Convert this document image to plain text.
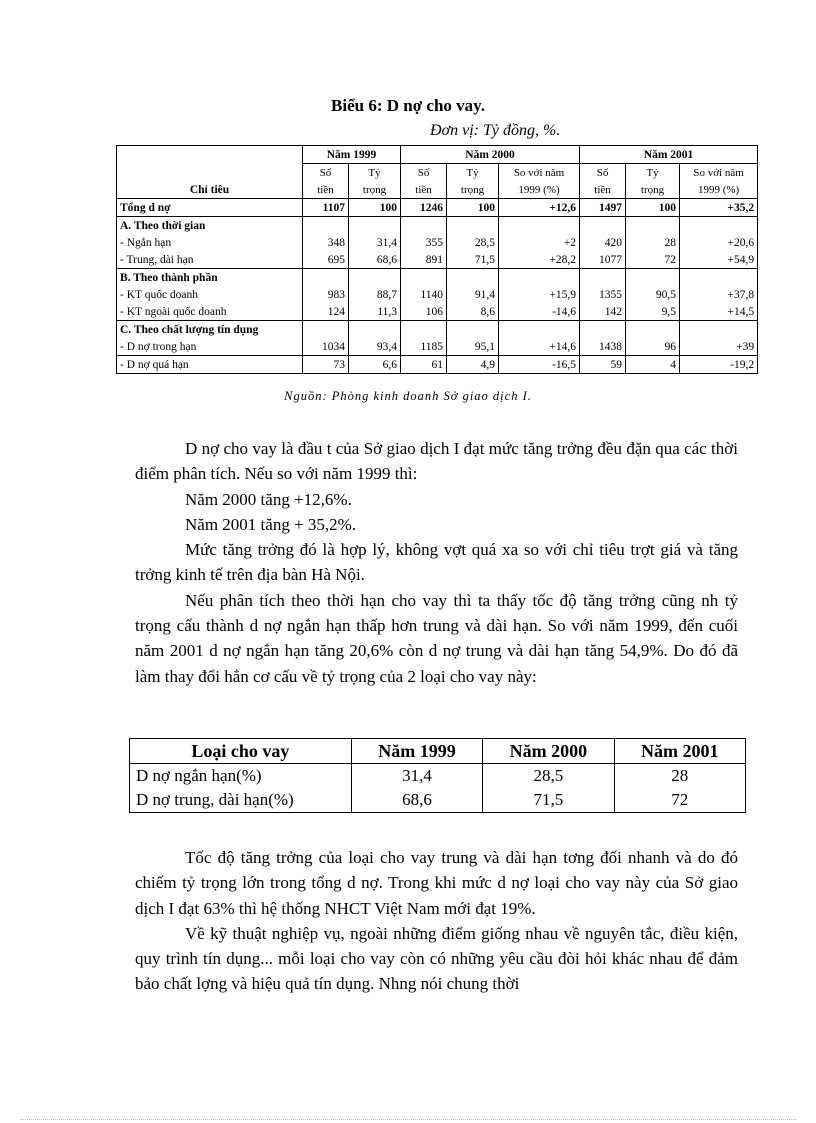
Biểu 6: D nợ cho vay.
Đơn vị: Tỷ đồng, %.
Chỉ tiêu	Năm 1999		Năm 2000			Năm 2001		
	Số	Tỷ	Số	Tỷ	So với năm	Số	Tỷ	So với năm
	tiền	trọng	tiền	trọng	1999 (%)	tiền	trọng	1999 (%)
Tổng d nợ	1107	100	1246	100	+12,6	1497	100	+35,2
A. Theo thời gian								
- Ngắn hạn	348	31,4	355	28,5	+2	420	28	+20,6
- Trung, dài hạn	695	68,6	891	71,5	+28,2	1077	72	+54,9
B. Theo thành phần								
- KT quốc doanh	983	88,7	1140	91,4	+15,9	1355	90,5	+37,8
- KT ngoài quốc doanh	124	11,3	106	8,6	-14,6	142	9,5	+14,5
C. Theo chất lượng tín dụng								
- D nợ trong hạn	1034	93,4	1185	95,1	+14,6	1438	96	+39
- D nợ quá hạn	73	6,6	61	4,9	-16,5	59	4	-19,2
Nguồn: Phòng kinh doanh Sở giao dịch I.

D nợ cho vay là đầu t của Sở giao dịch I đạt mức tăng trởng đều đặn qua các thời điểm phân tích. Nếu so với năm 1999 thì:

Năm 2000 tăng +12,6%.

Năm 2001 tăng + 35,2%.

Mức tăng trởng đó là hợp lý, không vợt quá xa so với chỉ tiêu trợt giá và tăng trởng kinh tế trên địa bàn Hà Nội.

Nếu phân tích theo thời hạn cho vay thì ta thấy tốc độ tăng trởng cũng nh tỷ trọng cấu thành d nợ ngắn hạn thấp hơn trung và dài hạn. So với năm 1999, đến cuối năm 2001 d nợ ngắn hạn tăng 20,6% còn d nợ trung và dài hạn tăng 54,9%. Do đó đã làm thay đổi hẳn cơ cấu về tỷ trọng của 2 loại cho vay này:

Loại cho vay	Năm 1999	Năm 2000	Năm 2001
D nợ ngắn hạn(%)	31,4	28,5	28
D nợ trung, dài hạn(%)	68,6	71,5	72

Tốc độ tăng trởng của loại cho vay trung và dài hạn tơng đối nhanh và do đó chiếm tỷ trọng lớn trong tổng d nợ. Trong khi mức d nợ loại cho vay này của Sở giao dịch I đạt 63% thì hệ thống NHCT Việt Nam mới đạt 19%.

Về kỹ thuật nghiệp vụ, ngoài những điểm giống nhau về nguyên tắc, điều kiện, quy trình tín dụng... mỗi loại cho vay còn có những yêu cầu đòi hỏi khác nhau để đảm bảo chất lợng và hiệu quả tín dụng. Nhng nói chung thời
